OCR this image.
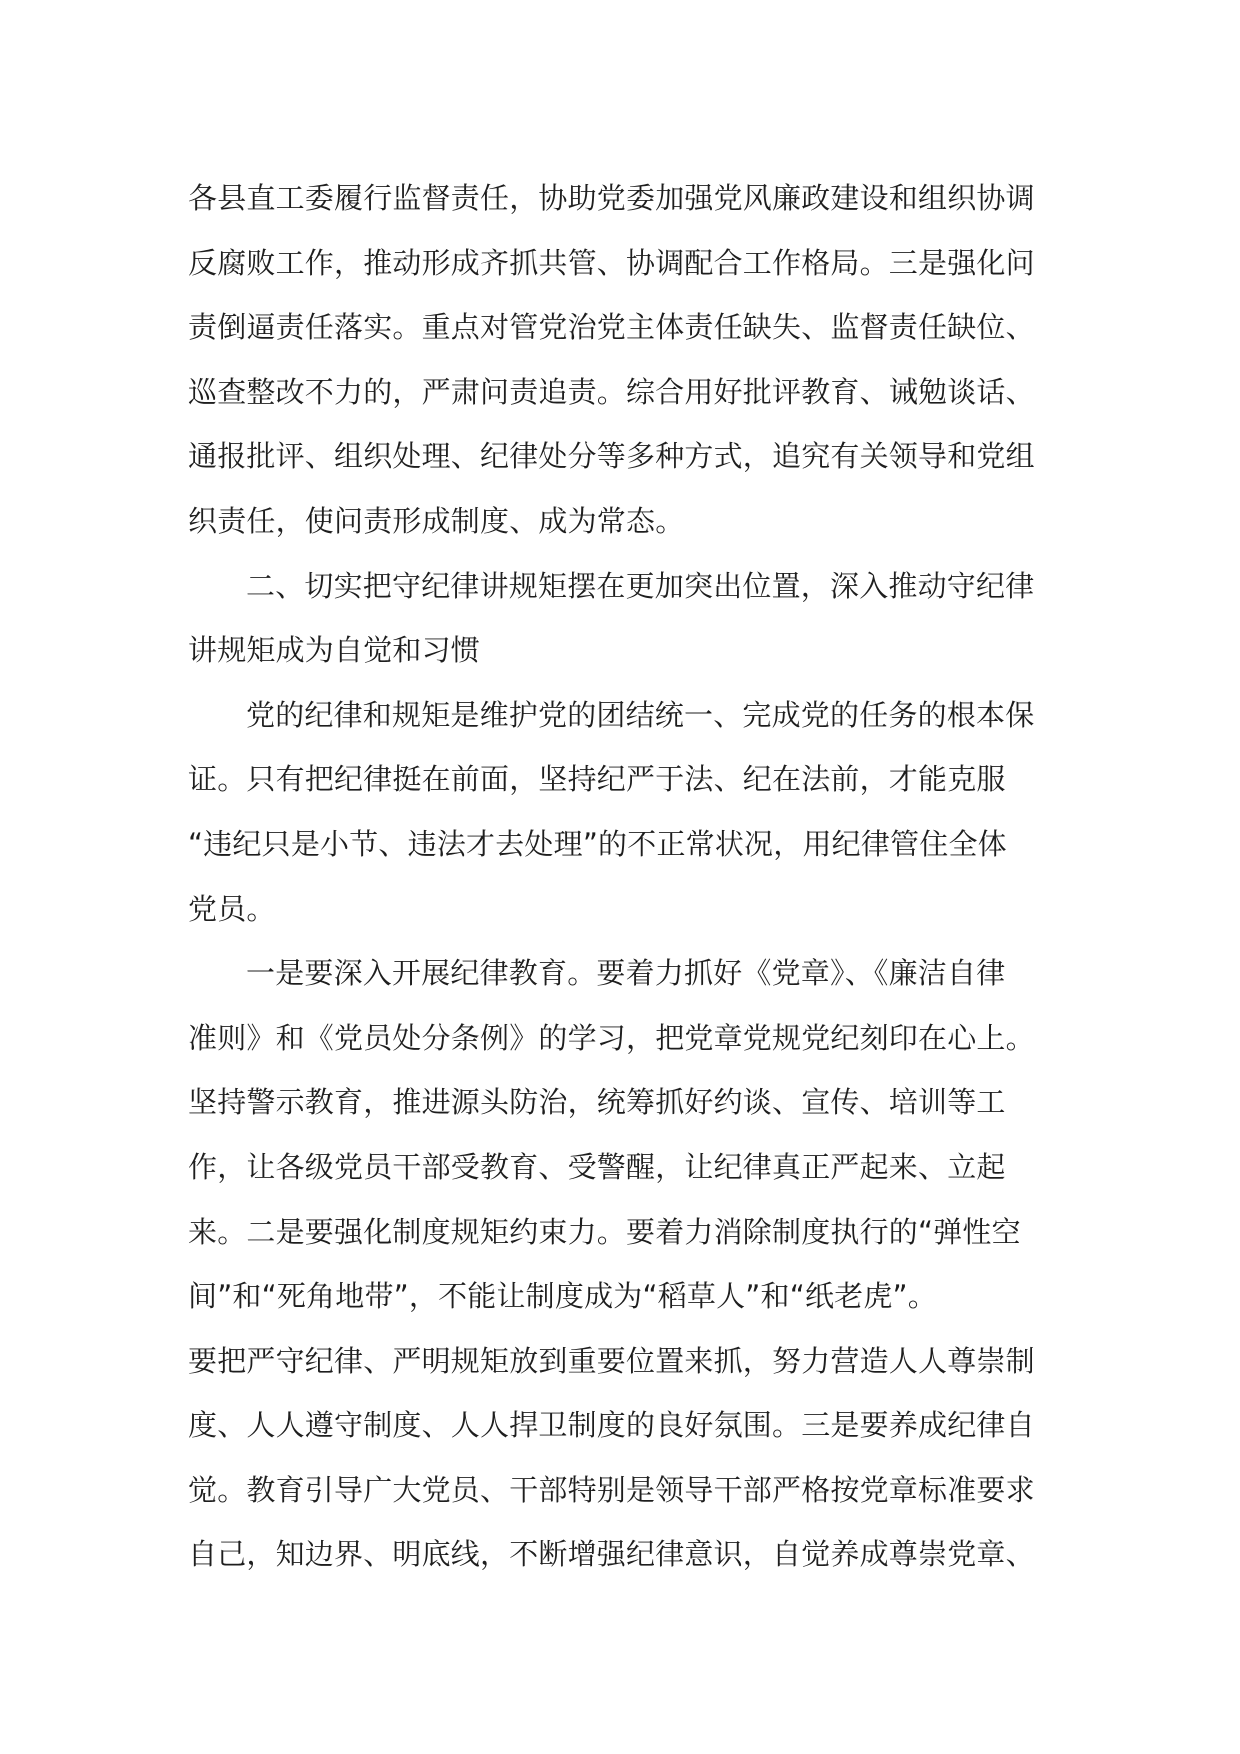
各县直工委履行监督责任，协助党委加强党风廉政建设和组织协调
反腐败工作，推动形成齐抓共管、协调配合工作格局。三是强化问
责倒逼责任落实。重点对管党治党主体责任缺失、监督责任缺位、
巡查整改不力的，严肃问责追责。综合用好批评教育、诫勉谈话、
通报批评、组织处理、纪律处分等多种方式，追究有关领导和党组
织责任，使问责形成制度、成为常态。
二、切实把守纪律讲规矩摆在更加突出位置，深入推动守纪律
讲规矩成为自觉和习惯
党的纪律和规矩是维护党的团结统一、完成党的任务的根本保
证。只有把纪律挺在前面，坚持纪严于法、纪在法前，才能克服
“违纪只是小节、违法才去处理”的不正常状况，用纪律管住全体
党员。
一是要深入开展纪律教育。要着力抓好《党章》、《廉洁自律
准则》和《党员处分条例》的学习，把党章党规党纪刻印在心上。
坚持警示教育，推进源头防治，统筹抓好约谈、宣传、培训等工
作，让各级党员干部受教育、受警醒，让纪律真正严起来、立起
来。二是要强化制度规矩约束力。要着力消除制度执行的“弹性空
间”和“死角地带”，不能让制度成为“稻草人”和“纸老虎”。
要把严守纪律、严明规矩放到重要位置来抓，努力营造人人尊崇制
度、人人遵守制度、人人捍卫制度的良好氛围。三是要养成纪律自
觉。教育引导广大党员、干部特别是领导干部严格按党章标准要求
自己，知边界、明底线，不断增强纪律意识，自觉养成尊崇党章、
